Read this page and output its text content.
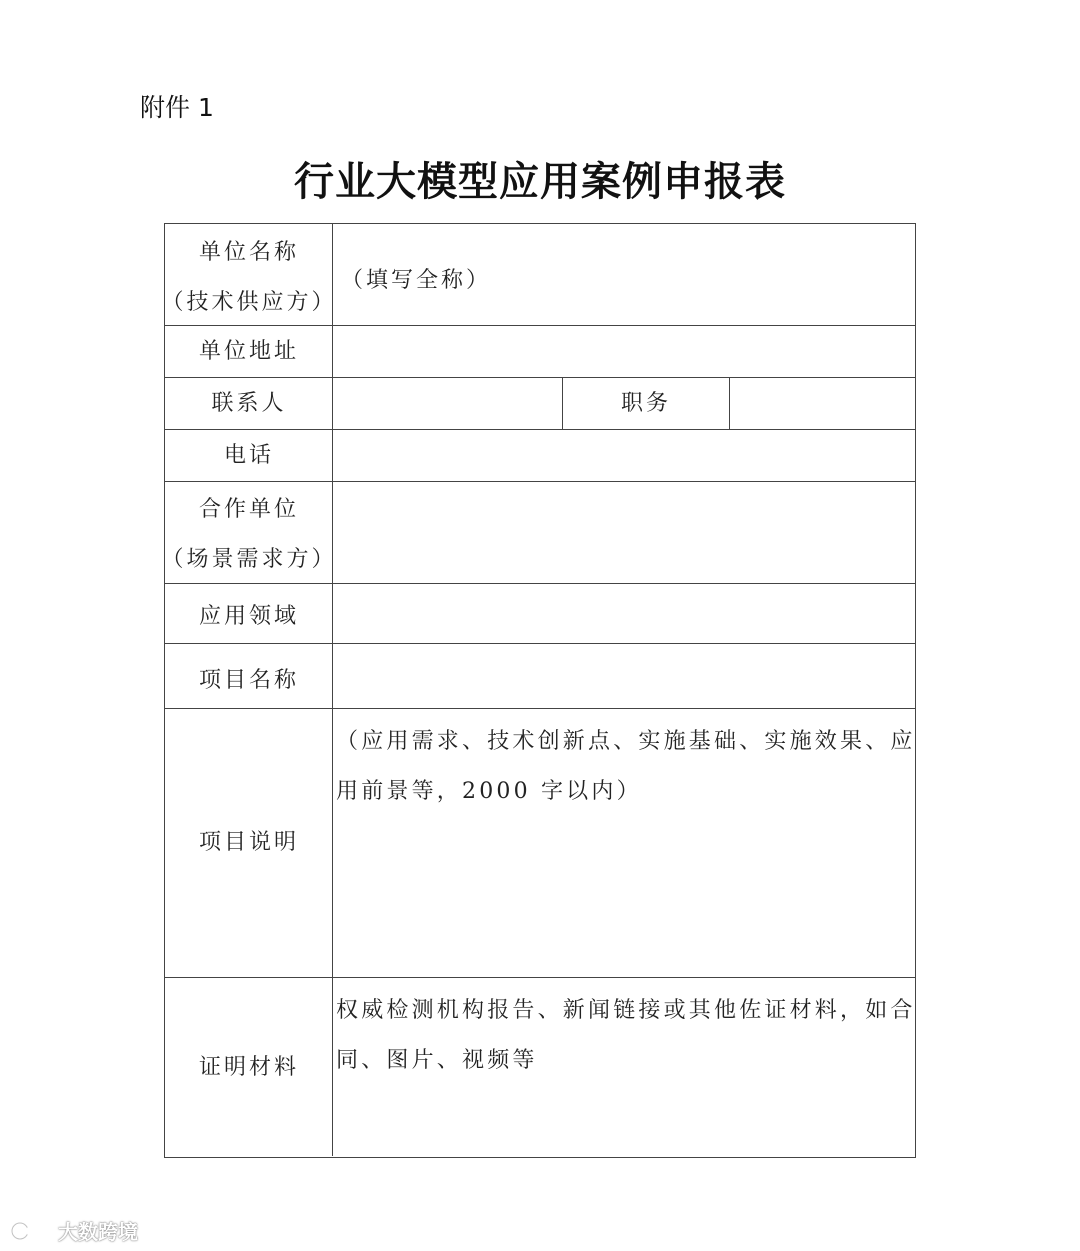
附件 1
行业大模型应用案例申报表
单位名称
（技术供应方）
（填写全称）
单位地址
联系人	职务
电话
合作单位
（场景需求方）
应用领域
项目名称
项目说明
（应用需求、技术创新点、实施基础、实施效果、应
用前景等，2000 字以内）
证明材料
权威检测机构报告、新闻链接或其他佐证材料，如合
同、图片、视频等
大数跨境
